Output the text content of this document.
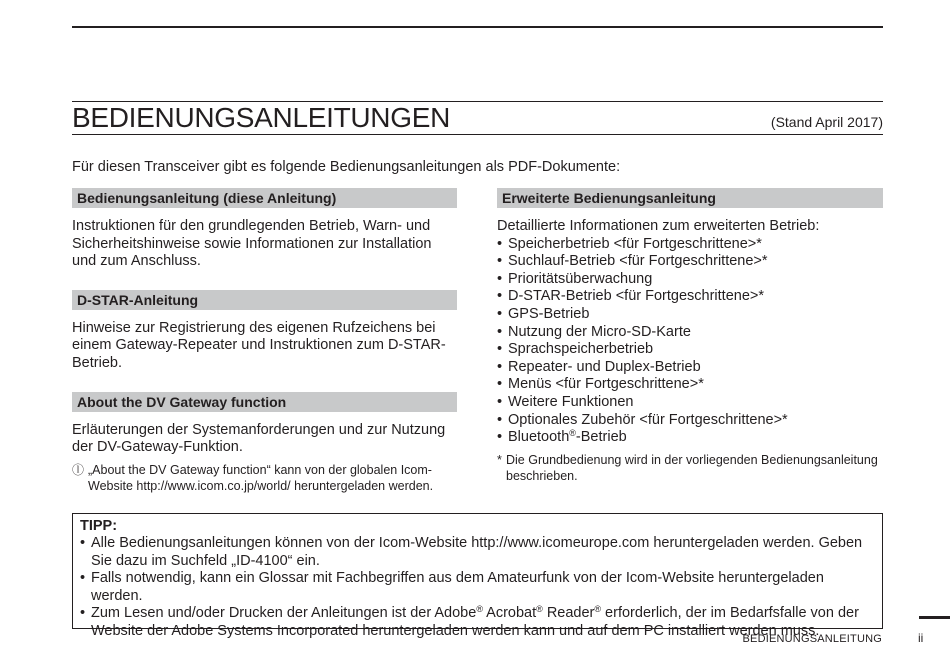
BEDIENUNGSANLEITUNGEN	(Stand April 2017)
Für diesen Transceiver gibt es folgende Bedienungsanleitungen als PDF-Dokumente:
Bedienungsanleitung (diese Anleitung)
Instruktionen für den grundlegenden Betrieb, Warn- und Sicherheitshinweise sowie Informationen zur Installation und zum Anschluss.
D-STAR-Anleitung
Hinweise zur Registrierung des eigenen Rufzeichens bei einem Gateway-Repeater und Instruktionen zum D-STAR-Betrieb.
About the DV Gateway function
Erläuterungen der Systemanforderungen und zur Nutzung der DV-Gateway-Funktion.
ⓛ „About the DV Gateway function“ kann von der globalen Icom-Website http://www.icom.co.jp/world/ heruntergeladen werden.
Erweiterte Bedienungsanleitung
Detaillierte Informationen zum erweiterten Betrieb:
• Speicherbetrieb <für Fortgeschrittene>*
• Suchlauf-Betrieb <für Fortgeschrittene>*
• Prioritätsüberwachung
• D-STAR-Betrieb <für Fortgeschrittene>*
• GPS-Betrieb
• Nutzung der Micro-SD-Karte
• Sprachspeicherbetrieb
• Repeater- und Duplex-Betrieb
• Menüs <für Fortgeschrittene>*
• Weitere Funktionen
• Optionales Zubehör <für Fortgeschrittene>*
• Bluetooth®-Betrieb
* Die Grundbedienung wird in der vorliegenden Bedienungsanleitung beschrieben.
TIPP:
• Alle Bedienungsanleitungen können von der Icom-Website http://www.icomeurope.com heruntergeladen werden. Geben Sie dazu im Suchfeld „ID-4100“ ein.
• Falls notwendig, kann ein Glossar mit Fachbegriffen aus dem Amateurfunk von der Icom-Website heruntergeladen werden.
• Zum Lesen und/oder Drucken der Anleitungen ist der Adobe® Acrobat® Reader® erforderlich, der im Bedarfsfalle von der Website der Adobe Systems Incorporated heruntergeladen werden kann und auf dem PC installiert werden muss.
BEDIENUNGSANLEITUNG	ii
